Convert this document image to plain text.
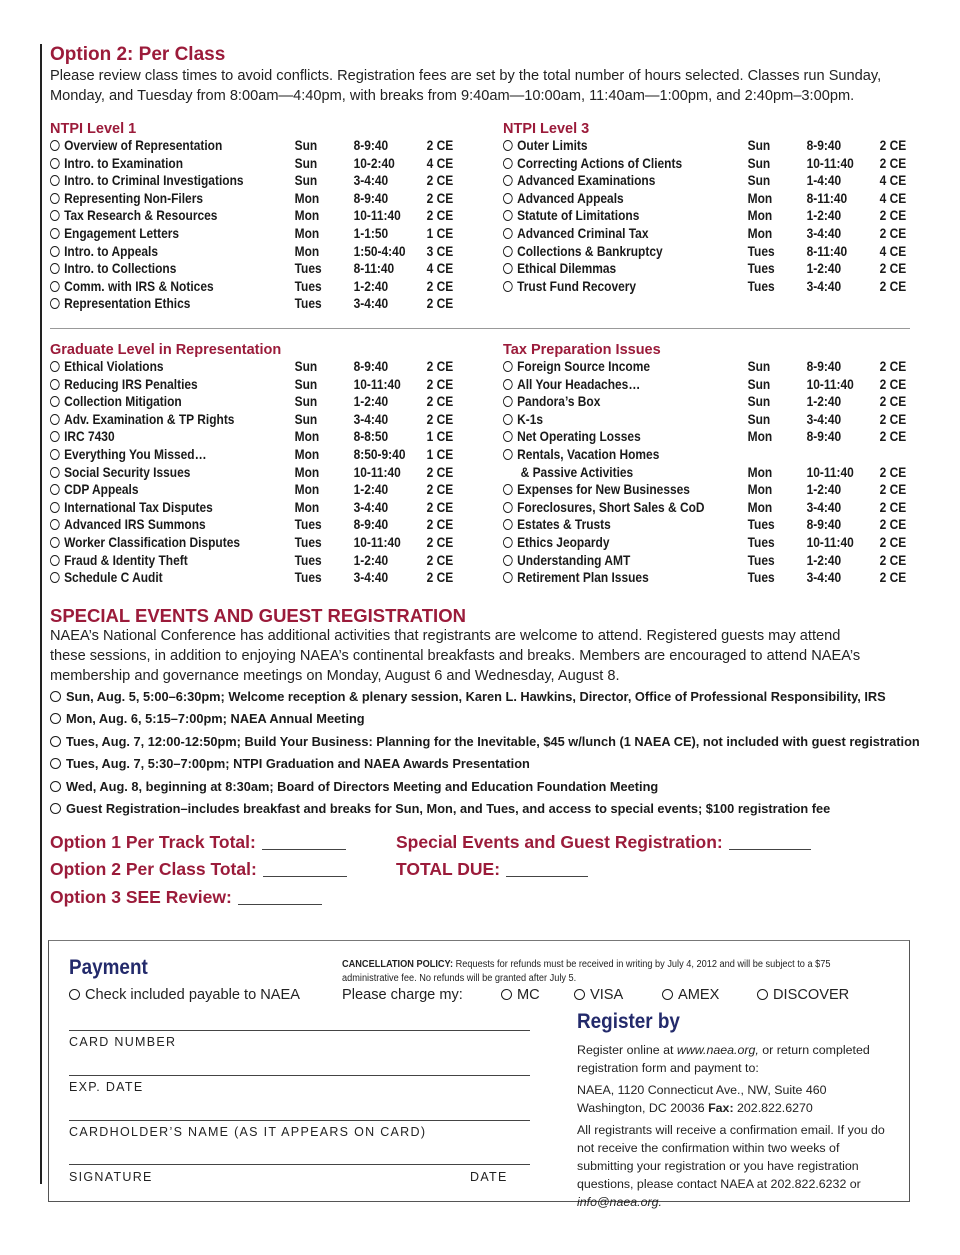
Option 2: Per Class
Please review class times to avoid conflicts. Registration fees are set by the total number of hours selected. Classes run Sunday,
Monday, and Tuesday from 8:00am—4:40pm, with breaks from 9:40am—10:00am, 11:40am—1:00pm, and 2:40pm–3:00pm.
NTPI Level 1
Overview of Representation	Sun	8-9:40	2 CE
Intro. to Examination	Sun	10-2:40 4 CE
Intro. to Criminal Investigations	Sun	3-4:40	2 CE
Representing Non-Filers	Mon	8-9:40	2 CE
Tax Research & Resources	Mon	10-11:40 2 CE
Engagement Letters	Mon	1-1:50	1 CE
Intro. to Appeals	Mon	1:50-4:40 3 CE
Intro. to Collections	Tues 8-11:40 4 CE
Comm. with IRS & Notices	Tues 1-2:40	2 CE
Representation Ethics	Tues 3-4:40	2 CE
NTPI Level 3
Outer Limits	Sun	8-9:40	2 CE
Correcting Actions of Clients	Sun	10-11:40 2 CE
Advanced Examinations	Sun	1-4:40	4 CE
Advanced Appeals	Mon	8-11:40 4 CE
Statute of Limitations	Mon	1-2:40	2 CE
Advanced Criminal Tax	Mon	3-4:40	2 CE
Collections & Bankruptcy	Tues 8-11:40 4 CE
Ethical Dilemmas	Tues 1-2:40	2 CE
Trust Fund Recovery	Tues 3-4:40	2 CE
Graduate Level in Representation
Ethical Violations	Sun	8-9:40	2 CE
Reducing IRS Penalties	Sun	10-11:40 2 CE
Collection Mitigation	Sun	1-2:40	2 CE
Adv. Examination & TP Rights	Sun	3-4:40	2 CE
IRC 7430	Mon	8-8:50	1 CE
Everything You Missed…	Mon	8:50-9:40 1 CE
Social Security Issues	Mon	10-11:40 2 CE
CDP Appeals	Mon	1-2:40	2 CE
International Tax Disputes	Mon	3-4:40	2 CE
Advanced IRS Summons	Tues 8-9:40	2 CE
Worker Classification Disputes	Tues 10-11:40 2 CE
Fraud & Identity Theft	Tues 1-2:40	2 CE
Schedule C Audit	Tues 3-4:40	2 CE
Tax Preparation Issues
Foreign Source Income	Sun	8-9:40	2 CE
All Your Headaches…	Sun	10-11:40 2 CE
Pandora’s Box	Sun	1-2:40	2 CE
K-1s	Sun	3-4:40	2 CE
Net Operating Losses	Mon	8-9:40	2 CE
Rentals, Vacation Homes
& Passive Activities	Mon	10-11:40 2 CE
Expenses for New Businesses	Mon	1-2:40	2 CE
Foreclosures, Short Sales & CoD	Mon	3-4:40	2 CE
Estates & Trusts	Tues 8-9:40	2 CE
Ethics Jeopardy	Tues 10-11:40 2 CE
Understanding AMT	Tues 1-2:40	2 CE
Retirement Plan Issues	Tues 3-4:40	2 CE
SPECIAL EVENTS AND GUEST REGISTRATION
NAEA’s National Conference has additional activities that registrants are welcome to attend. Registered guests may attend
these sessions, in addition to enjoying NAEA’s continental breakfasts and breaks. Members are encouraged to attend NAEA’s
membership and governance meetings on Monday, August 6 and Wednesday, August 8.
Sun, Aug. 5, 5:00–6:30pm; Welcome reception & plenary session, Karen L. Hawkins, Director, Office of Professional Responsibility, IRS
Mon, Aug. 6, 5:15–7:00pm; NAEA Annual Meeting
Tues, Aug. 7, 12:00-12:50pm; Build Your Business: Planning for the Inevitable, $45 w/lunch (1 NAEA CE), not included with guest registration
Tues, Aug. 7, 5:30–7:00pm; NTPI Graduation and NAEA Awards Presentation
Wed, Aug. 8, beginning at 8:30am; Board of Directors Meeting and Education Foundation Meeting
Guest Registration–includes breakfast and breaks for Sun, Mon, and Tues, and access to special events; $100 registration fee
Option 1 Per Track Total:
Option 2 Per Class Total:
Option 3 SEE Review:
Special Events and Guest Registration:
TOTAL DUE:
Payment	CANCELLATION POLICY: Requests for refunds must be received in writing by July 4, 2012 and will be subject to a $75 administrative fee. No refunds will be granted after July 5.
Check included payable to NAEA	Please charge my:	MC	VISA	AMEX	DISCOVER
CARD NUMBER
EXP. DATE
CARDHOLDER’S NAME (AS IT APPEARS ON CARD)
SIGNATURE	DATE
Register by
Register online at www.naea.org, or return completed registration form and payment to:
NAEA, 1120 Connecticut Ave., NW, Suite 460
Washington, DC 20036 Fax: 202.822.6270
All registrants will receive a confirmation email. If you do not receive the confirmation within two weeks of submitting your registration or you have registration questions, please contact NAEA at 202.822.6232 or info@naea.org.
